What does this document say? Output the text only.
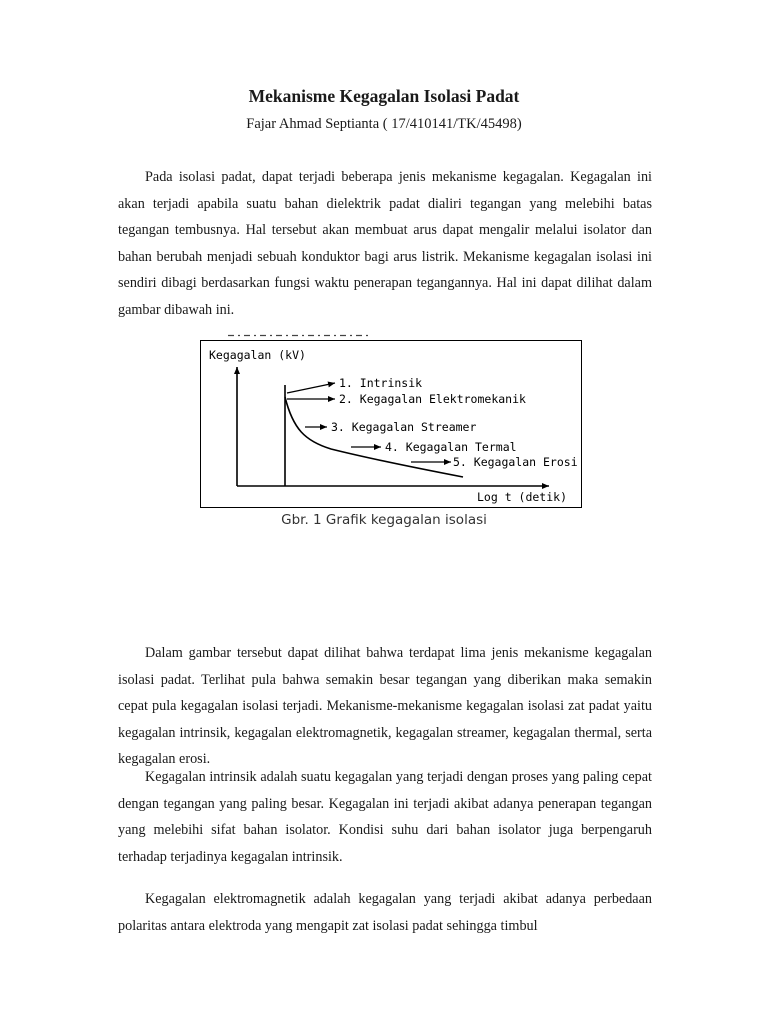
Mekanisme Kegagalan Isolasi Padat

Fajar Ahmad Septianta ( 17/410141/TK/45498)

Pada isolasi padat, dapat terjadi beberapa jenis mekanisme kegagalan. Kegagalan ini akan terjadi apabila suatu bahan dielektrik padat dialiri tegangan yang melebihi batas tegangan tembusnya. Hal tersebut akan membuat arus dapat mengalir melalui isolator dan bahan berubah menjadi sebuah konduktor bagi arus listrik. Mekanisme kegagalan isolasi ini sendiri dibagi berdasarkan fungsi waktu penerapan tegangannya. Hal ini dapat dilihat dalam gambar dibawah ini.

Kegagalan (kV)
Log t (detik)
1. Intrinsik
2. Kegagalan Elektromekanik
3. Kegagalan Streamer
4. Kegagalan Termal
5. Kegagalan Erosi
Gbr. 1 Grafik kegagalan isolasi

Dalam gambar tersebut dapat dilihat bahwa terdapat lima jenis mekanisme kegagalan isolasi padat. Terlihat pula bahwa semakin besar tegangan yang diberikan maka semakin cepat pula kegagalan isolasi terjadi. Mekanisme-mekanisme kegagalan isolasi zat padat yaitu kegagalan intrinsik, kegagalan elektromagnetik, kegagalan streamer, kegagalan thermal, serta kegagalan erosi.

Kegagalan intrinsik adalah suatu kegagalan yang terjadi dengan proses yang paling cepat dengan tegangan yang paling besar. Kegagalan ini terjadi akibat adanya penerapan tegangan yang melebihi sifat bahan isolator. Kondisi suhu dari bahan isolator juga berpengaruh terhadap terjadinya kegagalan intrinsik.

Kegagalan elektromagnetik adalah kegagalan yang terjadi akibat adanya perbedaan polaritas antara elektroda yang mengapit zat isolasi padat sehingga timbul
